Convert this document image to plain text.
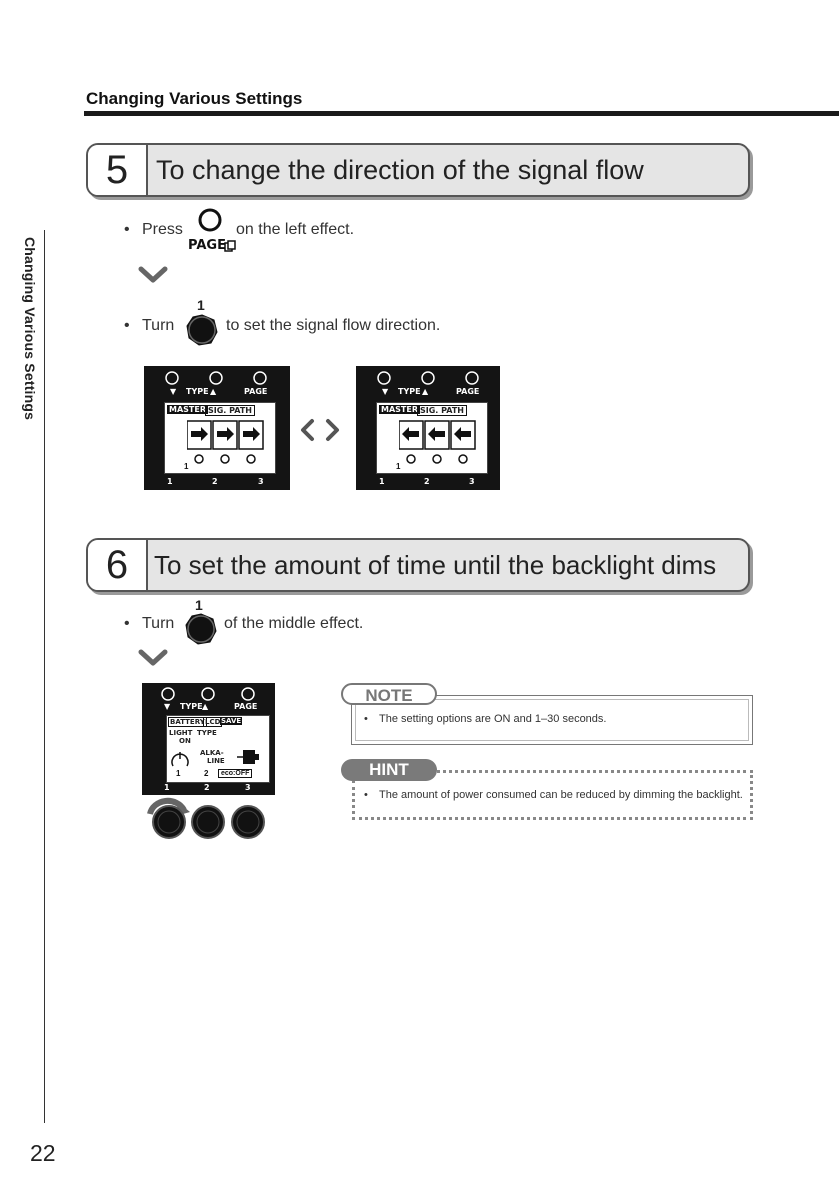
Changing Various Settings
Changing Various Settings
22
5	To change the direction of the signal flow
• Press
PAGE
on the left effect.
• Turn
1
to set the signal flow direction.
▼ TYPE ▲	PAGE
MASTER SIG. PATH
1
1	2	3
▼ TYPE ▲	PAGE
MASTER SIG. PATH
1
1	2	3
6 To set the amount of time until the backlight dims
• Turn
1
of the middle effect.
▼ TYPE ▲	PAGE
BATTERY LCD SAVE
LIGHT
ON
TYPE
ALKA-
LINE
1	2	eco:OFF
1	2	3
NOTE
• The setting options are ON and 1–30 seconds.
HINT
• The amount of power consumed can be reduced by dimming the backlight.
